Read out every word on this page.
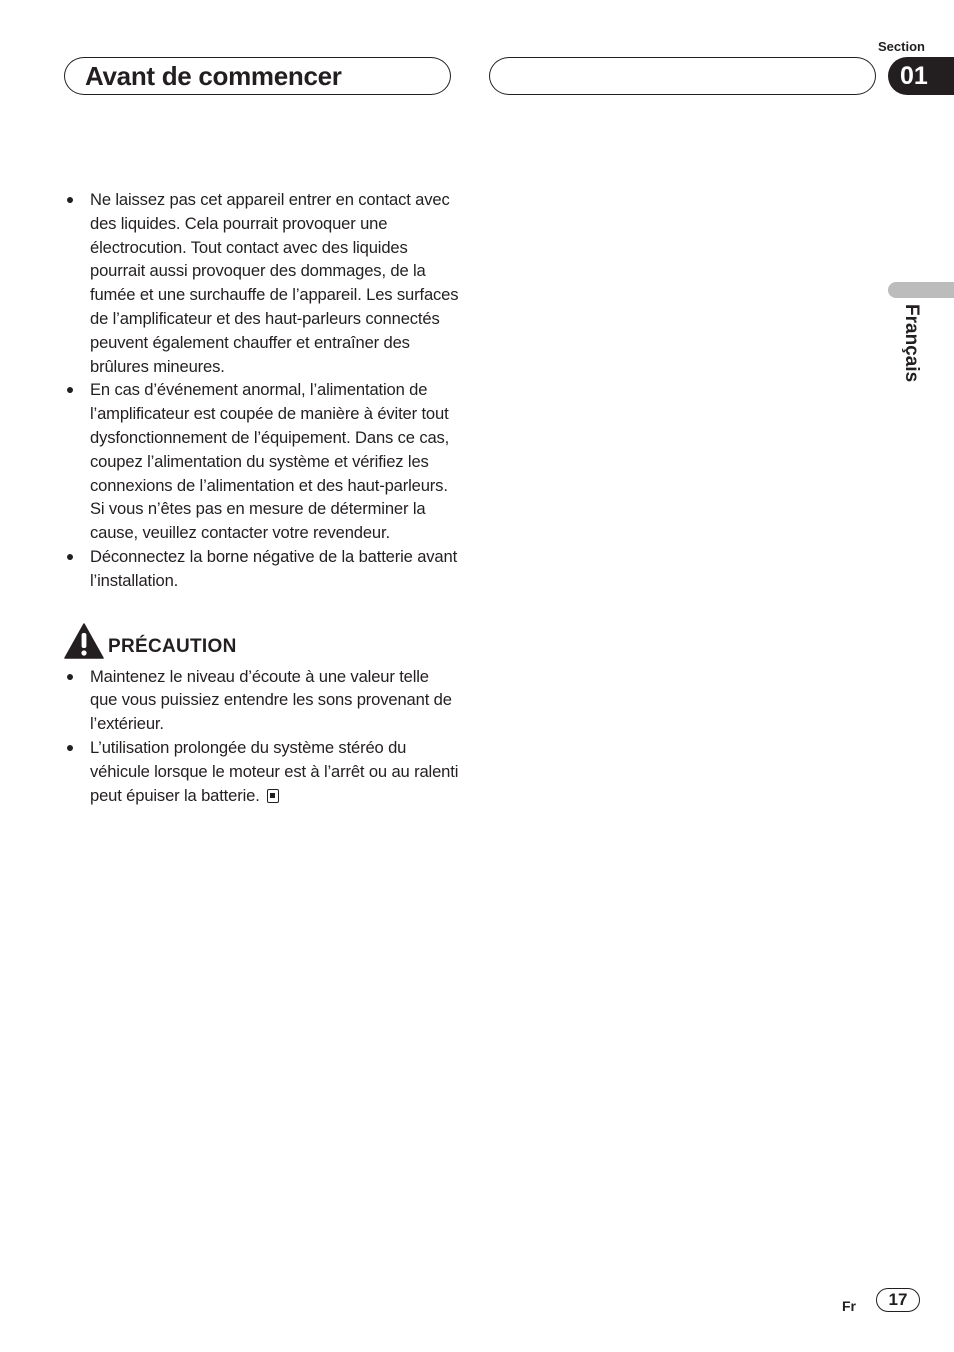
Avant de commencer
Section
01
Français
● Ne laissez pas cet appareil entrer en contact avec des liquides. Cela pourrait provoquer une électrocution. Tout contact avec des liquides pourrait aussi provoquer des dommages, de la fumée et une surchauffe de l’appareil. Les surfaces de l’amplificateur et des haut-parleurs connectés peuvent également chauffer et entraîner des brûlures mineures.
● En cas d’événement anormal, l’alimentation de l’amplificateur est coupée de manière à éviter tout dysfonctionnement de l’équipement. Dans ce cas, coupez l’alimentation du système et vérifiez les connexions de l’alimentation et des haut-parleurs. Si vous n’êtes pas en mesure de déterminer la cause, veuillez contacter votre revendeur.
● Déconnectez la borne négative de la batterie avant l’installation.
PRÉCAUTION
● Maintenez le niveau d’écoute à une valeur telle que vous puissiez entendre les sons provenant de l’extérieur.
● L’utilisation prolongée du système stéréo du véhicule lorsque le moteur est à l’arrêt ou au ralenti peut épuiser la batterie.
Fr	17
